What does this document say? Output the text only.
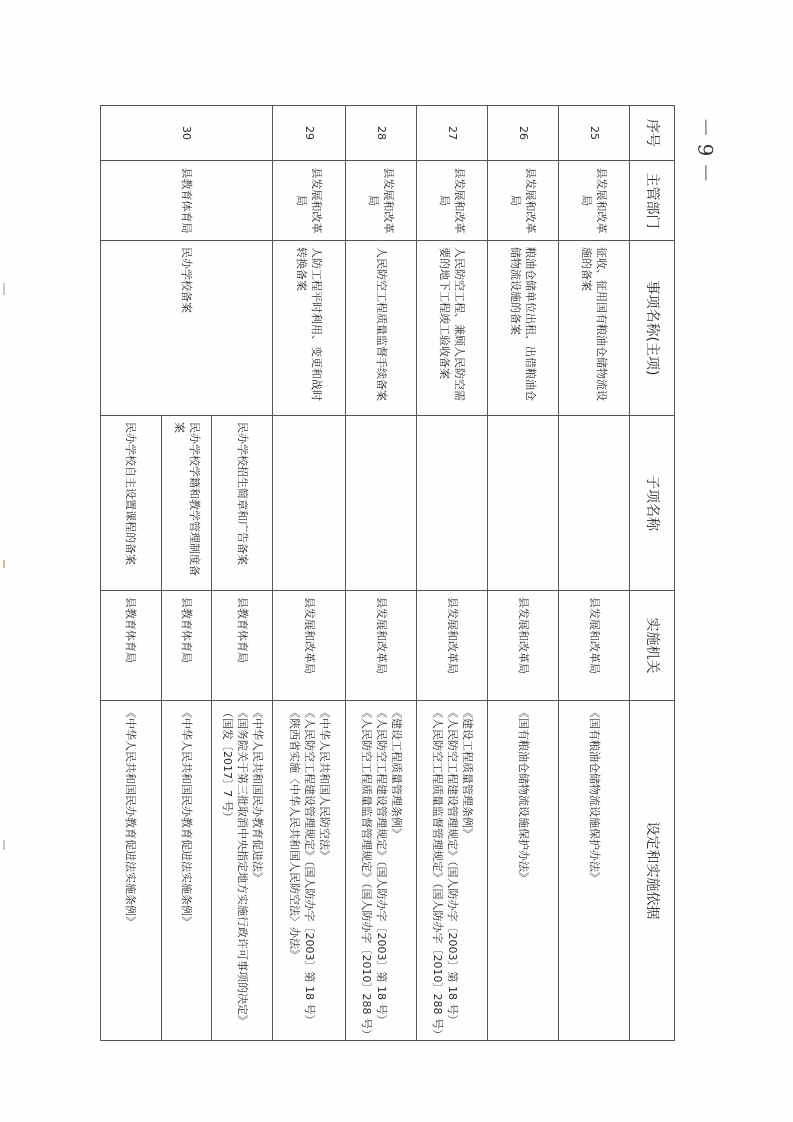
－ 9 －
序号	主管部门	事项名称(主项)	子项名称	实施机关	设定和实施依据
25	县发展和改革局	征收、征用国有粮油仓储物流设施的备案		县发展和改革局	《国有粮油仓储物流设施保护办法》

26	县发展和改革局	粮油仓储单位出租、出借粮油仓储物流设施的备案		县发展和改革局	《国有粮油仓储物流设施保护办法》

27	县发展和改革局	人民防空工程、兼顾人民防空需要的地下工程竣工验收备案		县发展和改革局	《建设工程质量管理条例》
《人民防空工程建设管理规定》（国人防办字〔2003〕第 18 号）
《人民防空工程质量监督管理规定》（国人防办字〔2010〕288 号）

28	县发展和改革局	人民防空工程质量监督手续备案		县发展和改革局	《建设工程质量管理条例》
《人民防空工程建设管理规定》（国人防办字〔2003〕第 18 号）
《人民防空工程质量监督管理规定》（国人防办字〔2010〕288 号）

29	县发展和改革局	人防工程平时利用、变更和战时转换备案		县发展和改革局	《中华人民共和国人民防空法》
《人民防空工程建设管理规定》（国人防办字〔2003〕第 18 号）
《陕西省实施〈中华人民共和国人民防空法〉办法》

30	县教育体育局	民办学校备案	民办学校招生简章和广告备案	县教育体育局	《中华人民共和国民办教育促进法》
《国务院关于第三批取消中央指定地方实施行政许可事项的决定》
（国发〔2017〕7 号）

			民办学校学籍和教学管理制度备案	县教育体育局	《中华人民共和国民办教育促进法实施条例》

			民办学校自主设置课程的备案	县教育体育局	《中华人民共和国民办教育促进法实施条例》
